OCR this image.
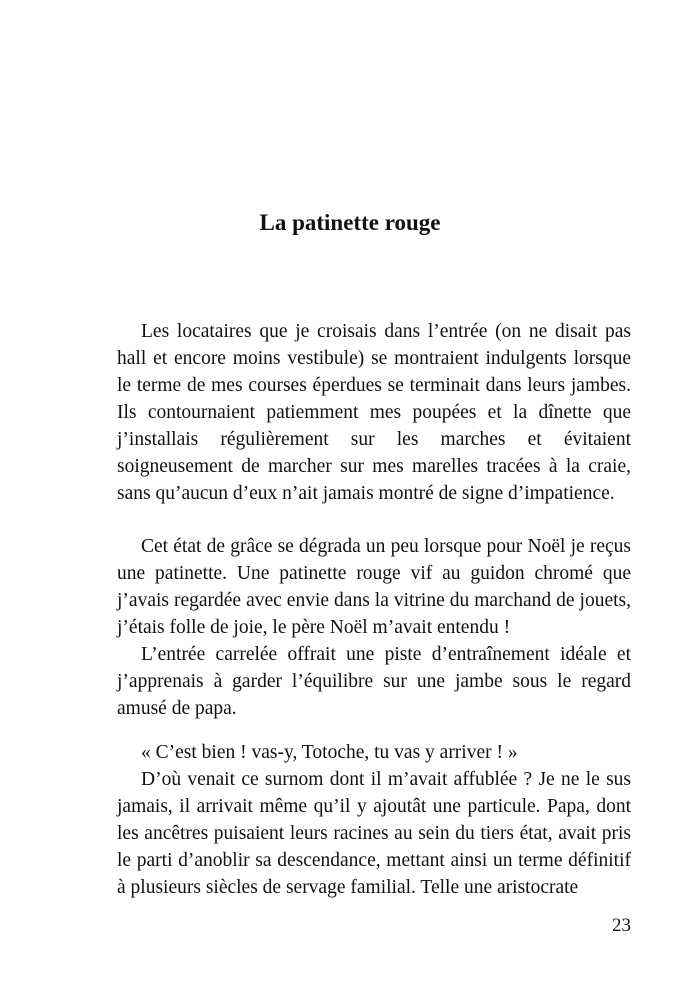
La patinette rouge

Les locataires que je croisais dans l’entrée (on ne disait pas hall et encore moins vestibule) se montraient indulgents lorsque le terme de mes courses éperdues se terminait dans leurs jambes. Ils contournaient patiemment mes poupées et la dînette que j’installais régulièrement sur les marches et évitaient soigneusement de marcher sur mes marelles tracées à la craie, sans qu’aucun d’eux n’ait jamais montré de signe d’impatience.

Cet état de grâce se dégrada un peu lorsque pour Noël je reçus une patinette. Une patinette rouge vif au guidon chromé que j’avais regardée avec envie dans la vitrine du marchand de jouets, j’étais folle de joie, le père Noël m’avait entendu !

L’entrée carrelée offrait une piste d’entraînement idéale et j’apprenais à garder l’équilibre sur une jambe sous le regard amusé de papa.

« C’est bien ! vas-y, Totoche, tu vas y arriver ! »

D’où venait ce surnom dont il m’avait affublée ? Je ne le sus jamais, il arrivait même qu’il y ajoutât une particule. Papa, dont les ancêtres puisaient leurs racines au sein du tiers état, avait pris le parti d’anoblir sa descendance, mettant ainsi un terme définitif à plusieurs siècles de servage familial. Telle une aristocrate

23
